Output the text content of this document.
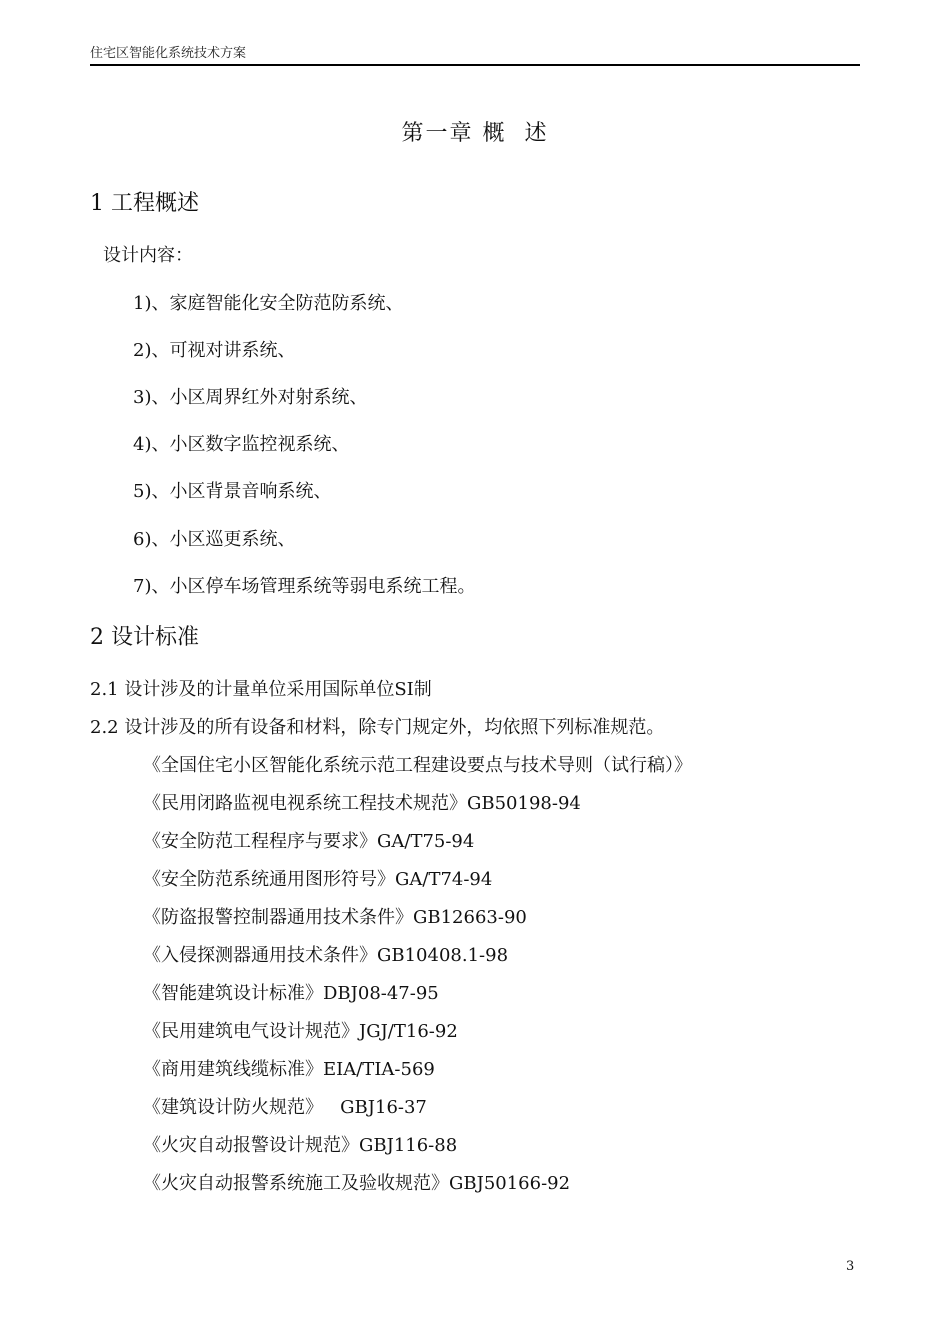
住宅区智能化系统技术方案
第一章 概  述
1 工程概述
设计内容：
1)、家庭智能化安全防范防系统、
2)、可视对讲系统、
3)、小区周界红外对射系统、
4)、小区数字监控视系统、
5)、小区背景音响系统、
6)、小区巡更系统、
7)、小区停车场管理系统等弱电系统工程。
2 设计标准
2.1 设计涉及的计量单位采用国际单位SI制
2.2 设计涉及的所有设备和材料，除专门规定外，均依照下列标准规范。
《全国住宅小区智能化系统示范工程建设要点与技术导则（试行稿）》
《民用闭路监视电视系统工程技术规范》GB50198-94
《安全防范工程程序与要求》GA/T75-94
《安全防范系统通用图形符号》GA/T74-94
《防盗报警控制器通用技术条件》GB12663-90
《入侵探测器通用技术条件》GB10408.1-98
《智能建筑设计标准》DBJ08-47-95
《民用建筑电气设计规范》JGJ/T16-92
《商用建筑线缆标准》EIA/TIA-569
《建筑设计防火规范》   GBJ16-37
《火灾自动报警设计规范》GBJ116-88
《火灾自动报警系统施工及验收规范》GBJ50166-92
3
